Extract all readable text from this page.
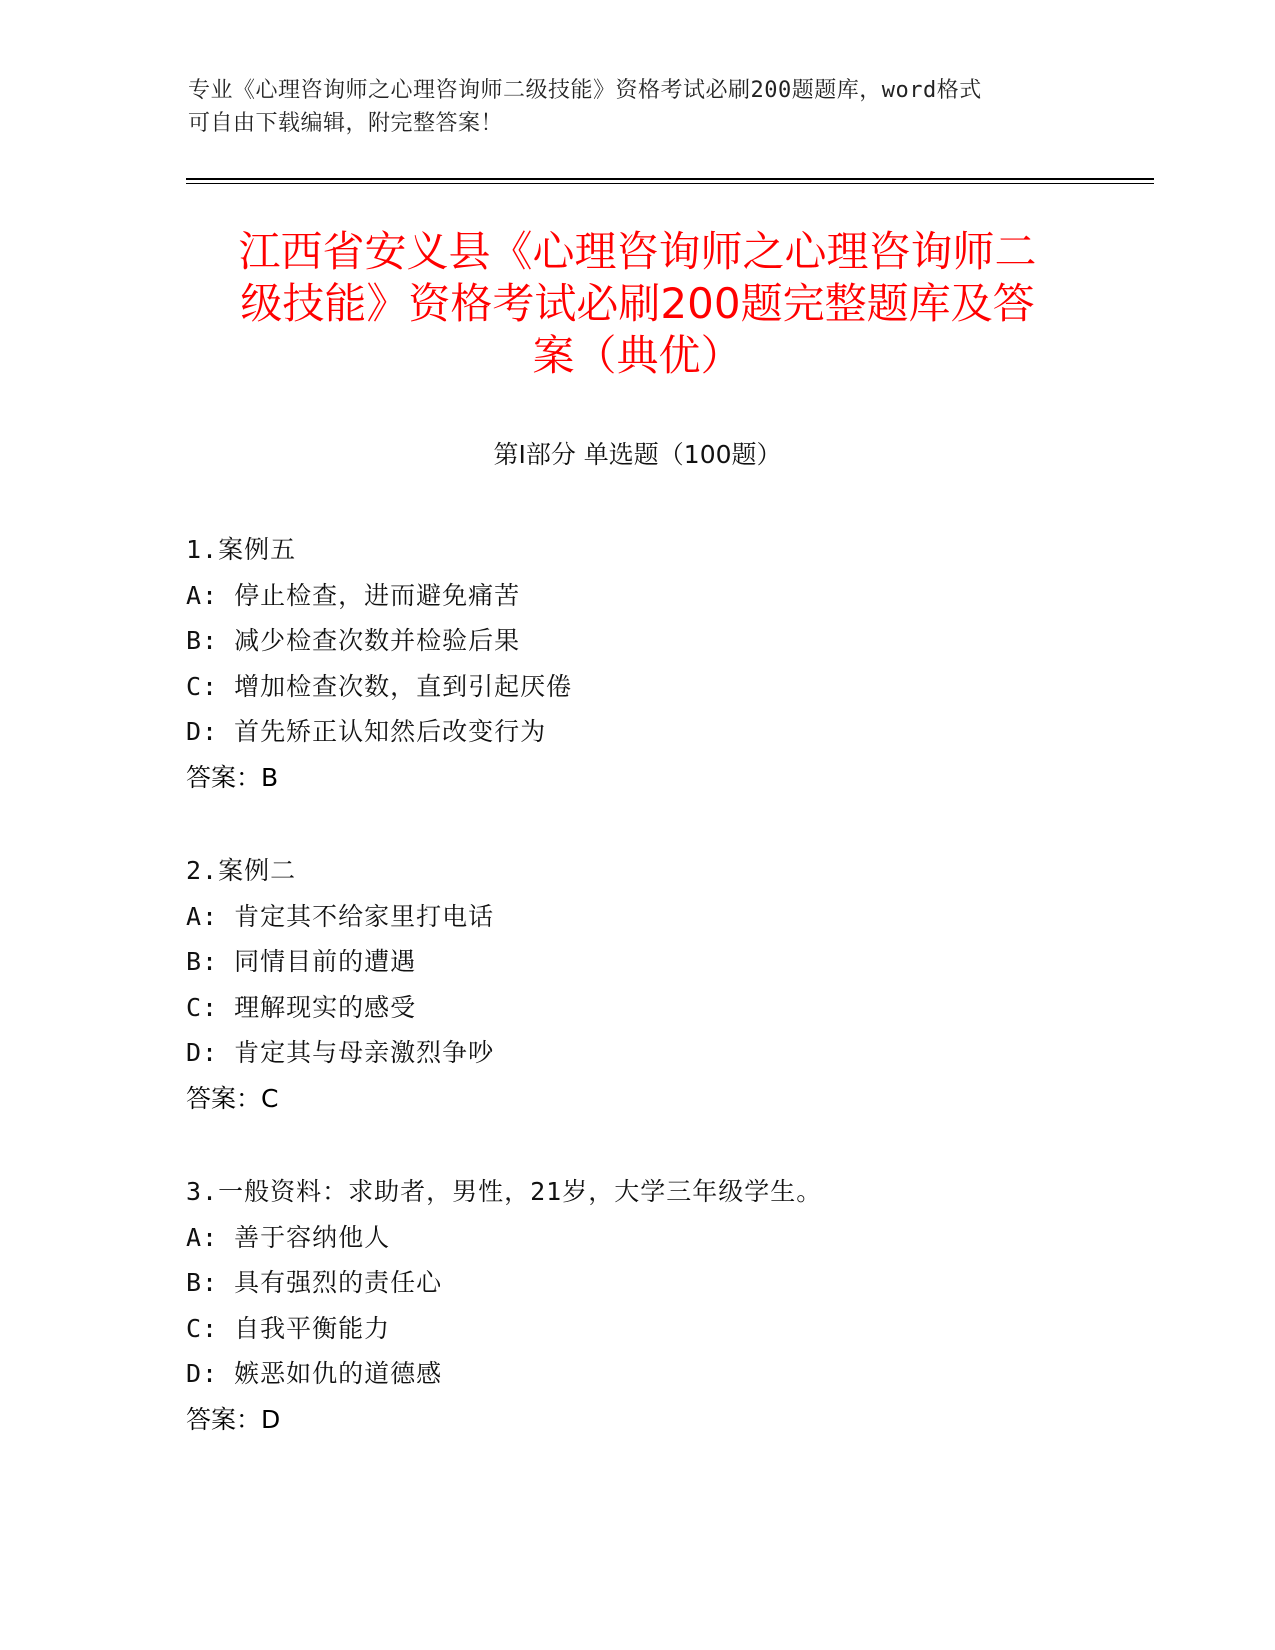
专业《心理咨询师之心理咨询师二级技能》资格考试必刷200题题库，word格式
可自由下载编辑，附完整答案！
江西省安义县《心理咨询师之心理咨询师二
级技能》资格考试必刷200题完整题库及答
案（典优）
第Ⅰ部分 单选题（100题）
1.案例五
A: 停止检查，进而避免痛苦
B: 减少检查次数并检验后果
C: 增加检查次数，直到引起厌倦
D: 首先矫正认知然后改变行为
答案：B
2.案例二
A: 肯定其不给家里打电话
B: 同情目前的遭遇
C: 理解现实的感受
D: 肯定其与母亲激烈争吵
答案：C
3.一般资料：求助者，男性，21岁，大学三年级学生。
A: 善于容纳他人
B: 具有强烈的责任心
C: 自我平衡能力
D: 嫉恶如仇的道德感
答案：D
